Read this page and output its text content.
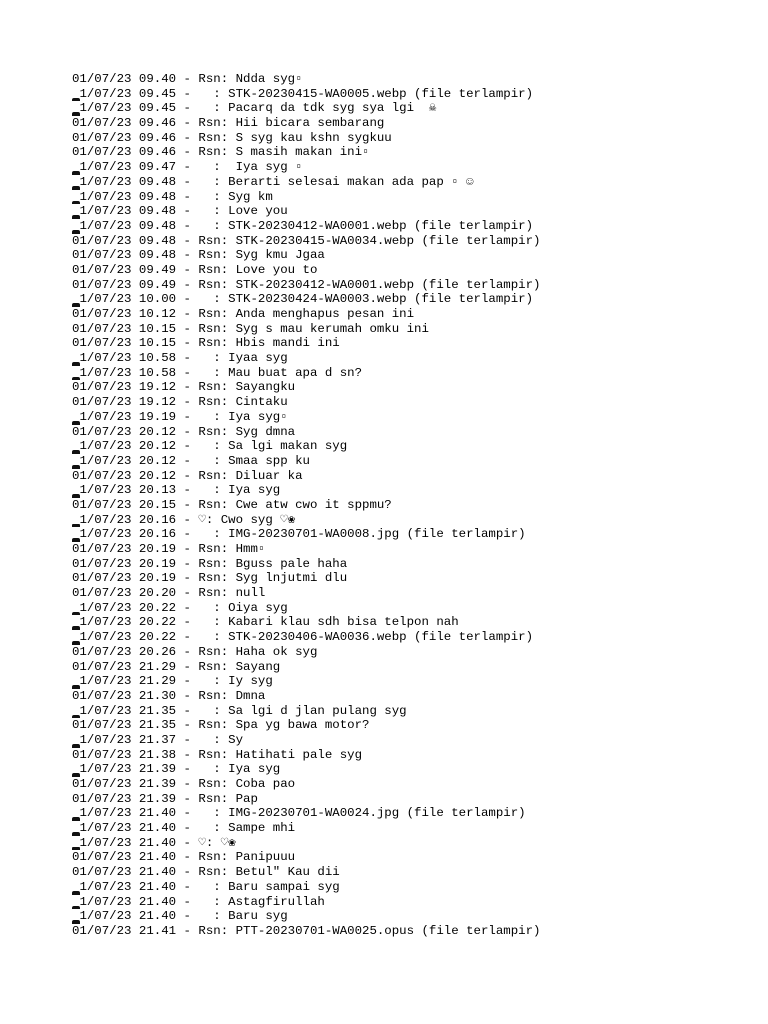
01/07/23 09.40 - Rsn: Ndda syg▫
1/07/23 09.45 -   : STK-20230415-WA0005.webp (file terlampir)
1/07/23 09.45 -   : Pacarq da tdk syg sya lgi  ☠
01/07/23 09.46 - Rsn: Hii bicara sembarang
01/07/23 09.46 - Rsn: S syg kau kshn sygkuu
01/07/23 09.46 - Rsn: S masih makan ini▫
1/07/23 09.47 -   :  Iya syg ▫
1/07/23 09.48 -   : Berarti selesai makan ada pap ▫ ☺
1/07/23 09.48 -   : Syg km
1/07/23 09.48 -   : Love you
1/07/23 09.48 -   : STK-20230412-WA0001.webp (file terlampir)
01/07/23 09.48 - Rsn: STK-20230415-WA0034.webp (file terlampir)
01/07/23 09.48 - Rsn: Syg kmu Jgaa
01/07/23 09.49 - Rsn: Love you to
01/07/23 09.49 - Rsn: STK-20230412-WA0001.webp (file terlampir)
1/07/23 10.00 -   : STK-20230424-WA0003.webp (file terlampir)
01/07/23 10.12 - Rsn: Anda menghapus pesan ini
01/07/23 10.15 - Rsn: Syg s mau kerumah omku ini
01/07/23 10.15 - Rsn: Hbis mandi ini
1/07/23 10.58 -   : Iyaa syg
1/07/23 10.58 -   : Mau buat apa d sn?
01/07/23 19.12 - Rsn: Sayangku
01/07/23 19.12 - Rsn: Cintaku
1/07/23 19.19 -   : Iya syg▫
01/07/23 20.12 - Rsn: Syg dmna
1/07/23 20.12 -   : Sa lgi makan syg
1/07/23 20.12 -   : Smaa spp ku
01/07/23 20.12 - Rsn: Diluar ka
1/07/23 20.13 -   : Iya syg
01/07/23 20.15 - Rsn: Cwe atw cwo it sppmu?
1/07/23 20.16 - ♡: Cwo syg ♡❀
1/07/23 20.16 -   : IMG-20230701-WA0008.jpg (file terlampir)
01/07/23 20.19 - Rsn: Hmm▫
01/07/23 20.19 - Rsn: Bguss pale haha
01/07/23 20.19 - Rsn: Syg lnjutmi dlu
01/07/23 20.20 - Rsn: null
1/07/23 20.22 -   : Oiya syg
1/07/23 20.22 -   : Kabari klau sdh bisa telpon nah
1/07/23 20.22 -   : STK-20230406-WA0036.webp (file terlampir)
01/07/23 20.26 - Rsn: Haha ok syg
01/07/23 21.29 - Rsn: Sayang
1/07/23 21.29 -   : Iy syg
01/07/23 21.30 - Rsn: Dmna
1/07/23 21.35 -   : Sa lgi d jlan pulang syg
01/07/23 21.35 - Rsn: Spa yg bawa motor?
1/07/23 21.37 -   : Sy
01/07/23 21.38 - Rsn: Hatihati pale syg
1/07/23 21.39 -   : Iya syg
01/07/23 21.39 - Rsn: Coba pao
01/07/23 21.39 - Rsn: Pap
1/07/23 21.40 -   : IMG-20230701-WA0024.jpg (file terlampir)
1/07/23 21.40 -   : Sampe mhi
1/07/23 21.40 - ♡: ♡❀
01/07/23 21.40 - Rsn: Panipuuu
01/07/23 21.40 - Rsn: Betul" Kau dii
1/07/23 21.40 -   : Baru sampai syg
1/07/23 21.40 -   : Astagfirullah
1/07/23 21.40 -   : Baru syg
01/07/23 21.41 - Rsn: PTT-20230701-WA0025.opus (file terlampir)
